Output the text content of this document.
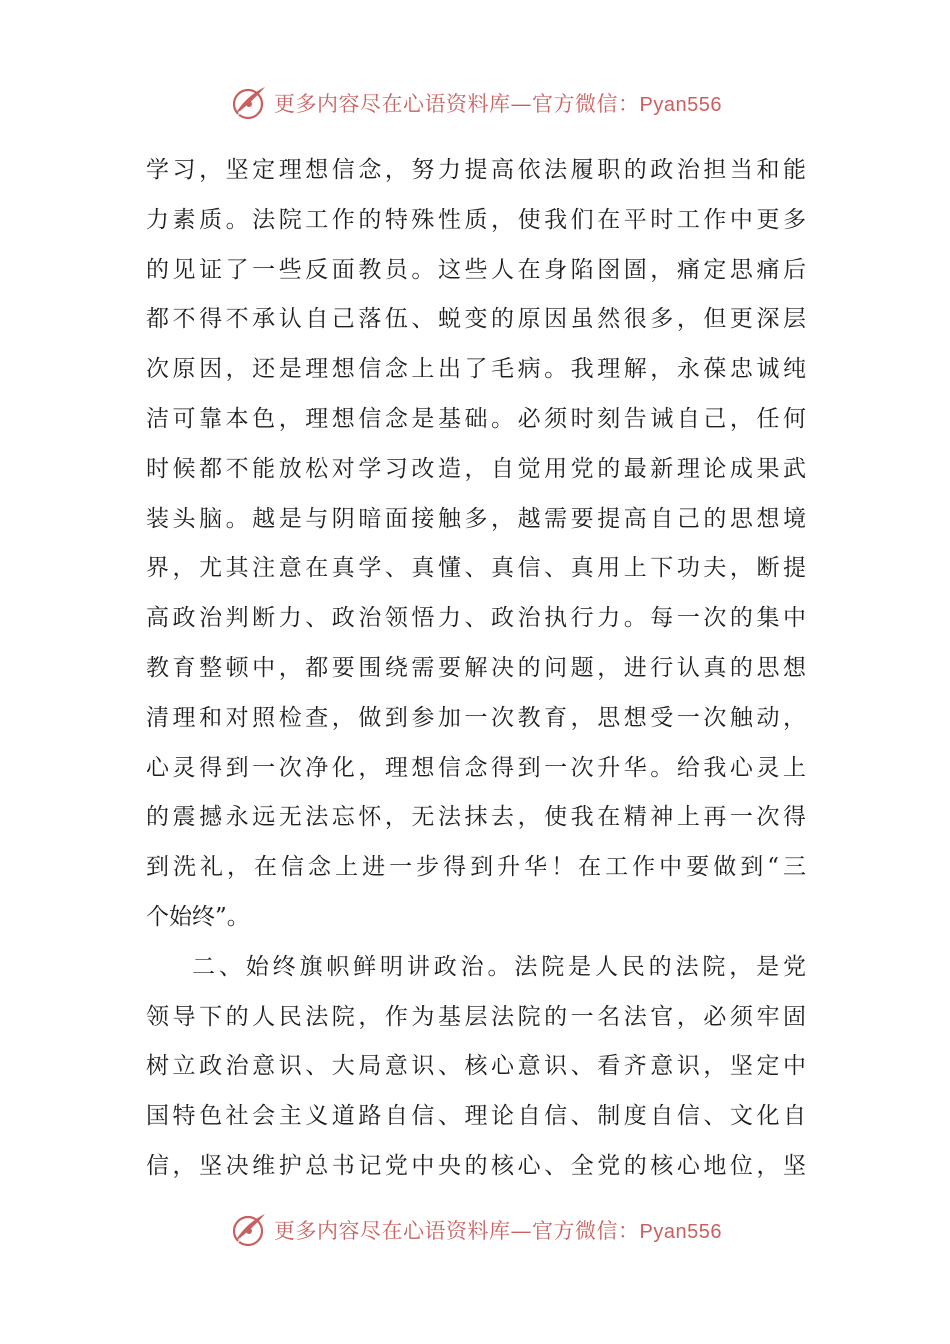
更多内容尽在心语资料库—官方微信：Pyan556
学习，坚定理想信念，努力提高依法履职的政治担当和能
力素质。法院工作的特殊性质，使我们在平时工作中更多
的见证了一些反面教员。这些人在身陷囹圄，痛定思痛后
都不得不承认自己落伍、蜕变的原因虽然很多，但更深层
次原因，还是理想信念上出了毛病。我理解，永葆忠诚纯
洁可靠本色，理想信念是基础。必须时刻告诫自己，任何
时候都不能放松对学习改造，自觉用党的最新理论成果武
装头脑。越是与阴暗面接触多，越需要提高自己的思想境
界，尤其注意在真学、真懂、真信、真用上下功夫，断提
高政治判断力、政治领悟力、政治执行力。每一次的集中
教育整顿中，都要围绕需要解决的问题，进行认真的思想
清理和对照检查，做到参加一次教育，思想受一次触动，
心灵得到一次净化，理想信念得到一次升华。给我心灵上
的震撼永远无法忘怀，无法抹去，使我在精神上再一次得
到洗礼，在信念上进一步得到升华！在工作中要做到“三
个始终”。
二、始终旗帜鲜明讲政治。法院是人民的法院，是党
领导下的人民法院，作为基层法院的一名法官，必须牢固
树立政治意识、大局意识、核心意识、看齐意识，坚定中
国特色社会主义道路自信、理论自信、制度自信、文化自
信，坚决维护总书记党中央的核心、全党的核心地位，坚
更多内容尽在心语资料库—官方微信：Pyan556
